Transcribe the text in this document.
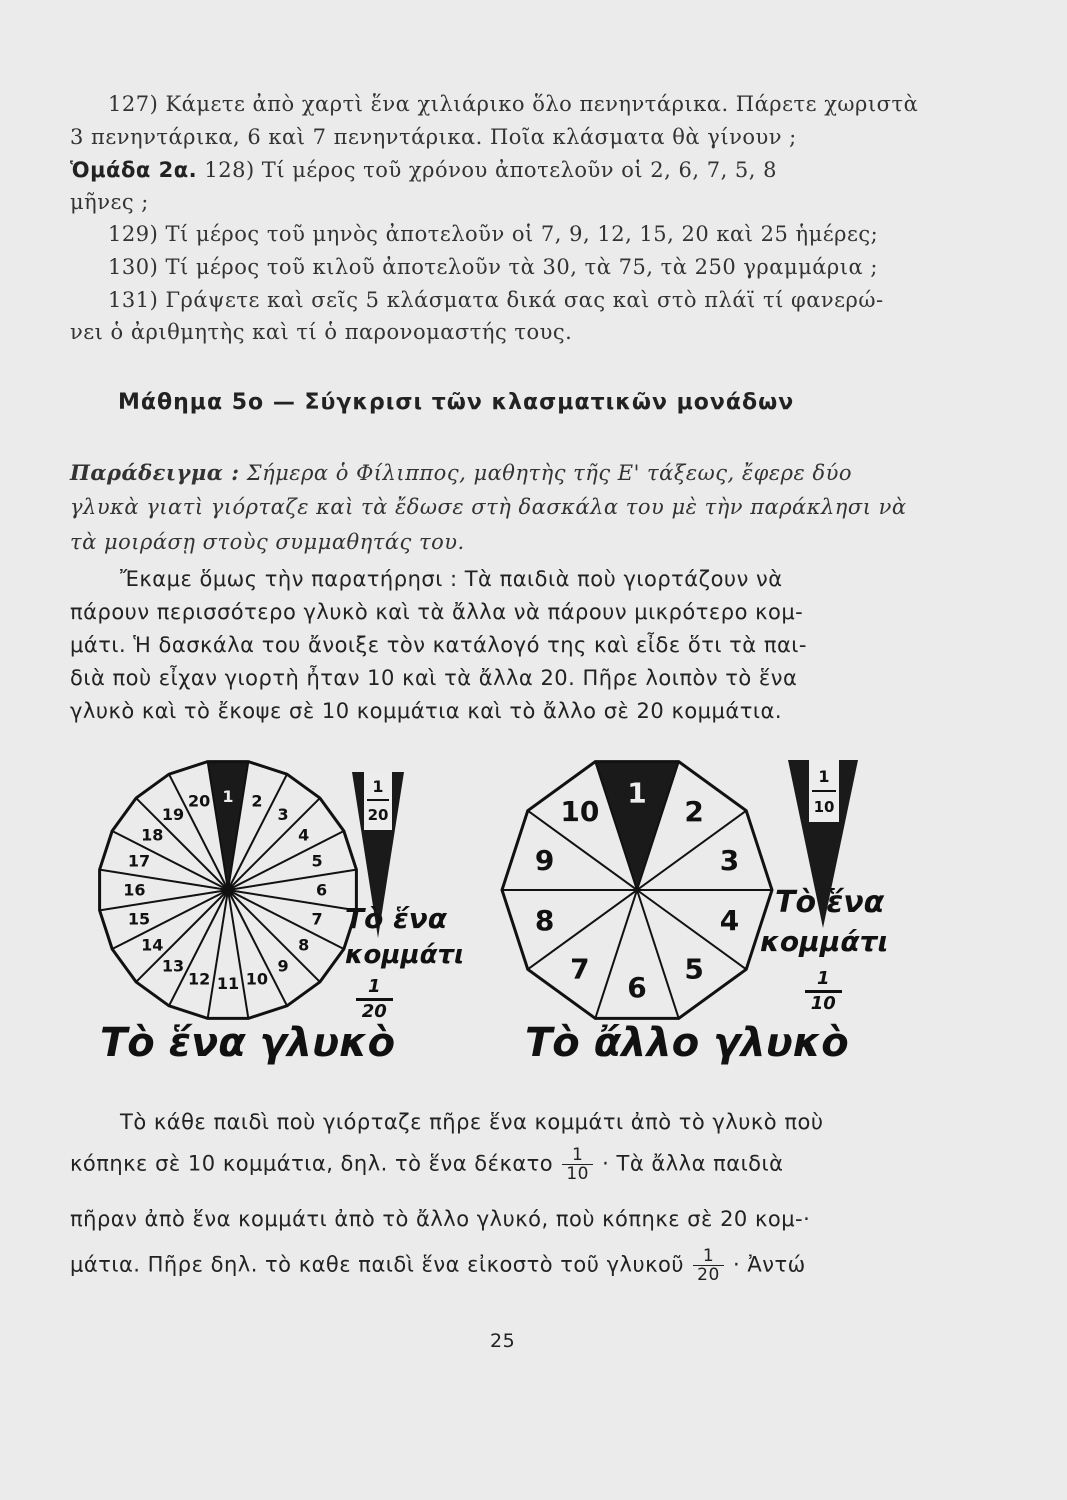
127) Κάμετε ἀπὸ χαρτὶ ἕνα χιλιάρικο ὅλο πενηντάρικα. Πάρετε χωριστὰ
3 πενηντάρικα, 6 καὶ 7 πενηντάρικα. Ποῖα κλάσματα θὰ γίνουν ;
Ὁμάδα 2α. 128) Τί μέρος τοῦ χρόνου ἀποτελοῦν οἱ 2, 6, 7, 5, 8
μῆνες ;
129) Τί μέρος τοῦ μηνὸς ἀποτελοῦν οἱ 7, 9, 12, 15, 20 καὶ 25 ἡμέρες;
130) Τί μέρος τοῦ κιλοῦ ἀποτελοῦν τὰ 30, τὰ 75, τὰ 250 γραμμάρια ;
131) Γράψετε καὶ σεῖς 5 κλάσματα δικά σας καὶ στὸ πλάϊ τί φανερώ-
νει ὁ ἀριθμητὴς καὶ τί ὁ παρονομαστής τους.
Μάθημα 5ο — Σύγκρισι τῶν κλασματικῶν μονάδων
Παράδειγμα : Σήμερα ὁ Φίλιππος, μαθητὴς τῆς Ε' τάξεως, ἔφερε δύο
γλυκὰ γιατὶ γιόρταζε καὶ τὰ ἔδωσε στὴ δασκάλα του μὲ τὴν παράκλησι νὰ
τὰ μοιράσῃ στοὺς συμμαθητάς του.
Ἔκαμε ὅμως τὴν παρατήρησι : Τὰ παιδιὰ ποὺ γιορτάζουν νὰ
πάρουν περισσότερο γλυκὸ καὶ τὰ ἄλλα νὰ πάρουν μικρότερο κομ-
μάτι. Ἡ δασκάλα του ἄνοιξε τὸν κατάλογό της καὶ εἶδε ὅτι τὰ παι-
διὰ ποὺ εἶχαν γιορτὴ ἦταν 10 καὶ τὰ ἄλλα 20. Πῆρε λοιπὸν τὸ ἕνα
γλυκὸ καὶ τὸ ἔκοψε σὲ 10 κομμάτια καὶ τὸ ἄλλο σὲ 20 κομμάτια.
1 2
3
4
5
6
7
8
9
10
11
12
13
14
15
16
17
18
19
20	1
2
3
4
5
6
7
8
9
10
1
20
1
10
Τὸ ἕνα
κομμάτι
$\frac{1}{20}$
Τὸ ἕνα γλυκὸ
Τὸ ἕνα
κομμάτι
$\frac{1}{10}$
Τὸ ἄλλο γλυκὸ
Τὸ κάθε παιδὶ ποὺ γιόρταζε πῆρε ἕνα κομμάτι ἀπὸ τὸ γλυκὸ ποὺ
κόπηκε σὲ 10 κομμάτια, δηλ. τὸ ἕνα δέκατο $\frac{1}{10}$ · Τὰ ἄλλα παιδιὰ
πῆραν ἀπὸ ἕνα κομμάτι ἀπὸ τὸ ἄλλο γλυκό, ποὺ κόπηκε σὲ 20 κομ-·
μάτια. Πῆρε δηλ. τὸ καθε παιδὶ ἕνα εἰκοστὸ τοῦ γλυκοῦ $\frac{1}{20}$ · Ἀντώ
25
